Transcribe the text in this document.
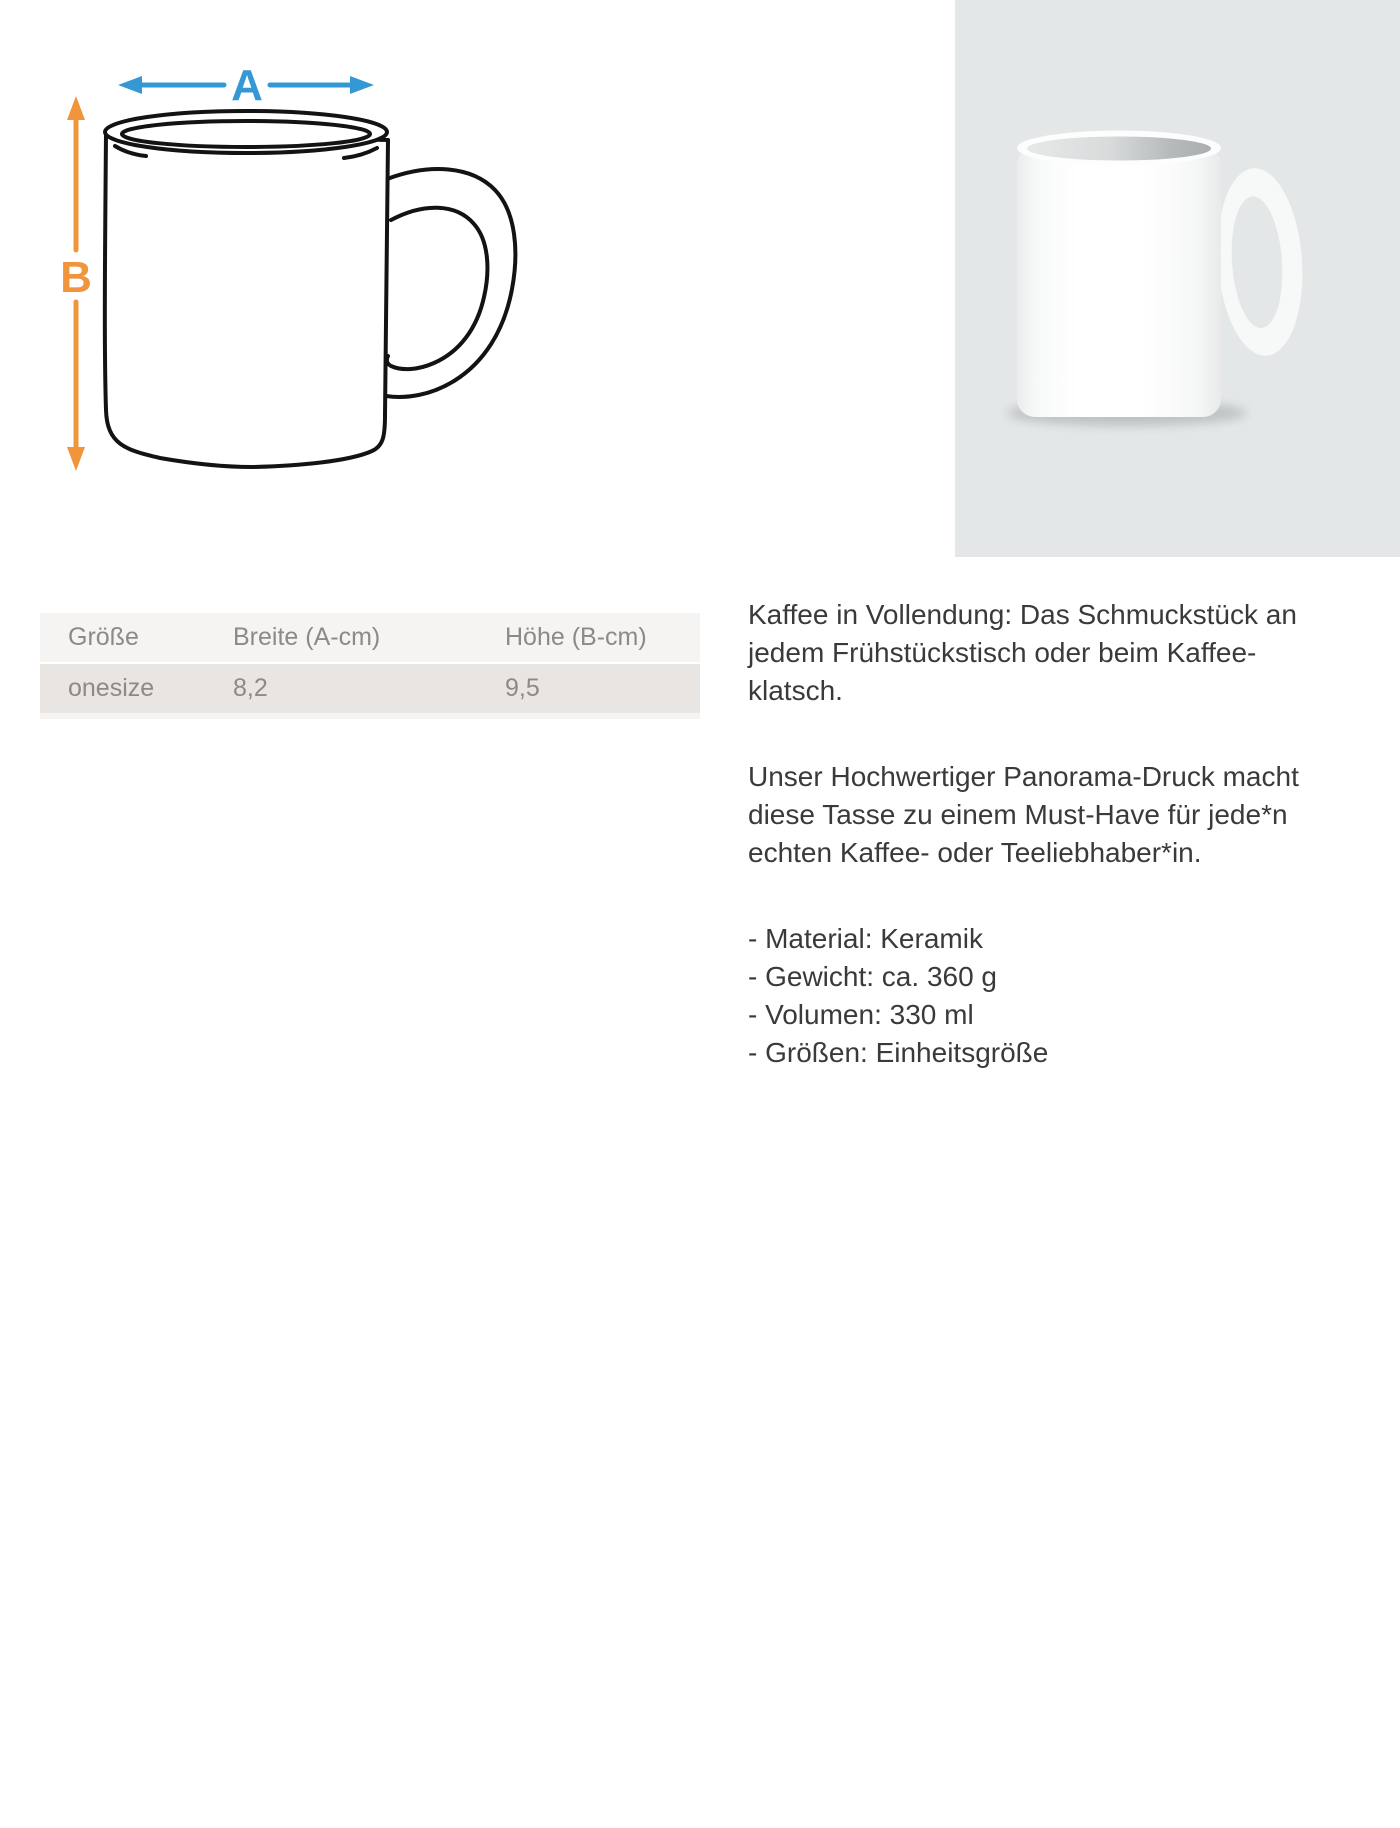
A
B
Größe	Breite (A-cm)	Höhe (B-cm)
onesize	8,2	9,5

Kaffee in Vollendung: Das Schmuckstück an
jedem Frühstückstisch oder beim Kaffee-
klatsch.

Unser Hochwertiger Panorama-Druck macht
diese Tasse zu einem Must-Have für jede*n
echten Kaffee- oder Teeliebhaber*in.

- Material: Keramik
- Gewicht: ca. 360 g
- Volumen: 330 ml
- Größen: Einheitsgröße
